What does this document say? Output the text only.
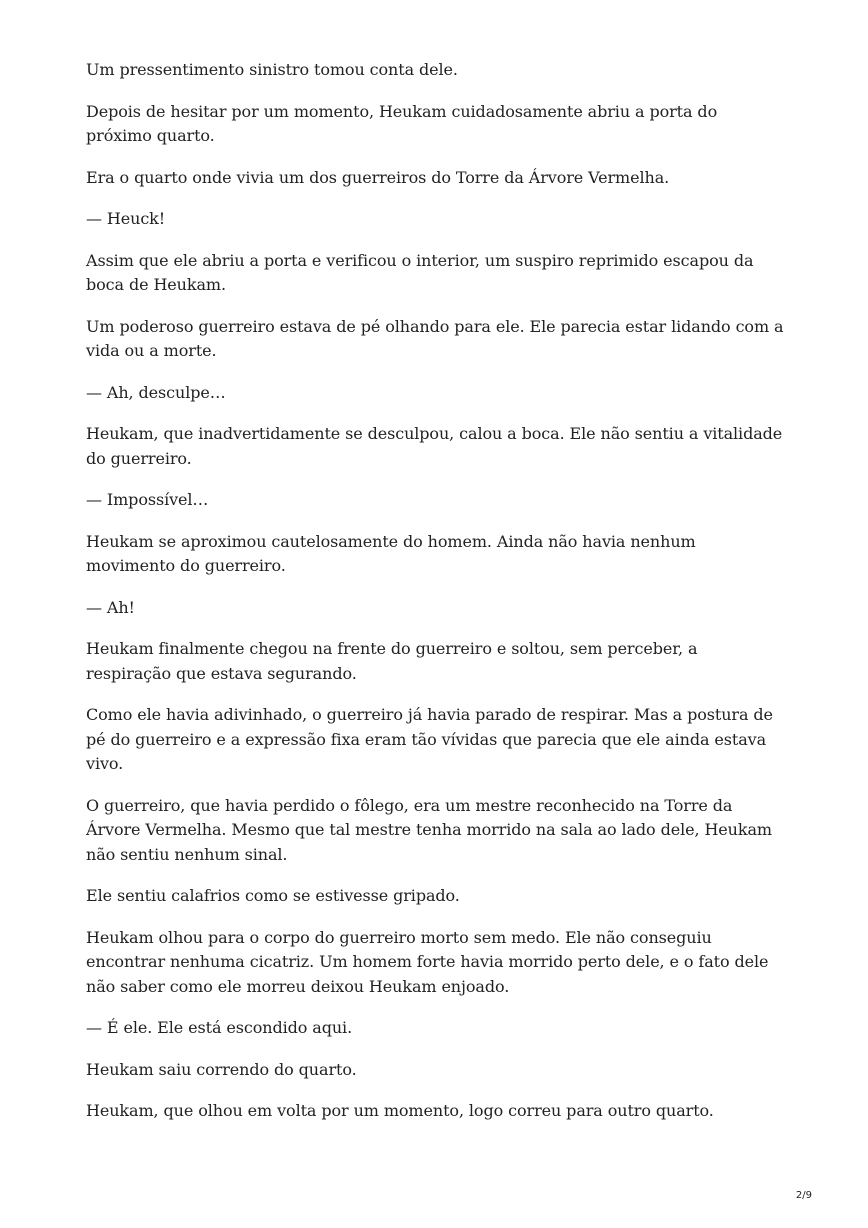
Um pressentimento sinistro tomou conta dele.

Depois de hesitar por um momento, Heukam cuidadosamente abriu a porta do próximo quarto.

Era o quarto onde vivia um dos guerreiros do Torre da Árvore Vermelha.

— Heuck!

Assim que ele abriu a porta e verificou o interior, um suspiro reprimido escapou da boca de Heukam.

Um poderoso guerreiro estava de pé olhando para ele. Ele parecia estar lidando com a vida ou a morte.

— Ah, desculpe…

Heukam, que inadvertidamente se desculpou, calou a boca. Ele não sentiu a vitalidade do guerreiro.

— Impossível…

Heukam se aproximou cautelosamente do homem. Ainda não havia nenhum movimento do guerreiro.

— Ah!

Heukam finalmente chegou na frente do guerreiro e soltou, sem perceber, a respiração que estava segurando.

Como ele havia adivinhado, o guerreiro já havia parado de respirar. Mas a postura de pé do guerreiro e a expressão fixa eram tão vívidas que parecia que ele ainda estava vivo.

O guerreiro, que havia perdido o fôlego, era um mestre reconhecido na Torre da Árvore Vermelha. Mesmo que tal mestre tenha morrido na sala ao lado dele, Heukam não sentiu nenhum sinal.

Ele sentiu calafrios como se estivesse gripado.

Heukam olhou para o corpo do guerreiro morto sem medo. Ele não conseguiu encontrar nenhuma cicatriz. Um homem forte havia morrido perto dele, e o fato dele não saber como ele morreu deixou Heukam enjoado.

— É ele. Ele está escondido aqui.

Heukam saiu correndo do quarto.

Heukam, que olhou em volta por um momento, logo correu para outro quarto.

2/9
